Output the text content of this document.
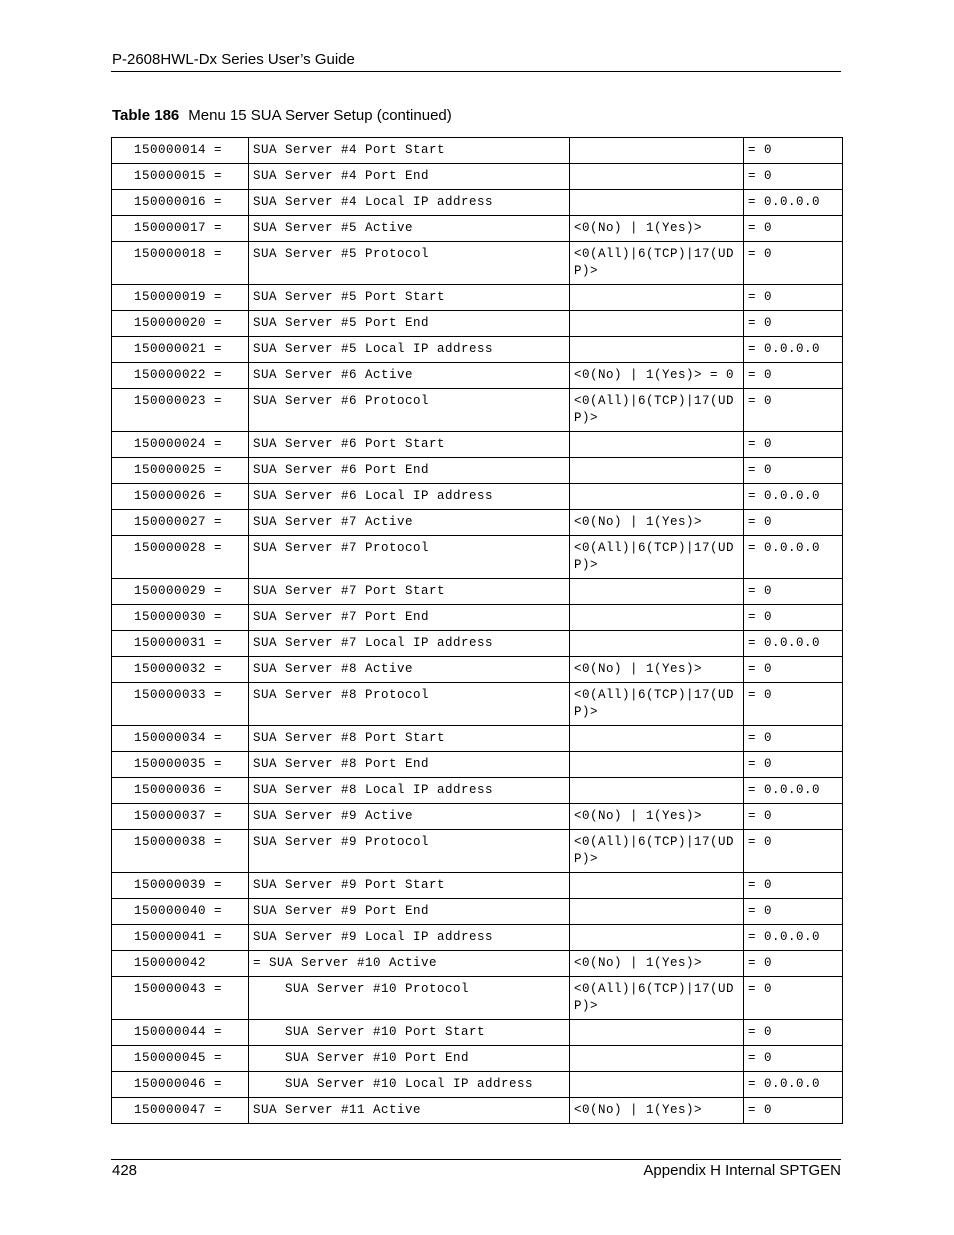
P-2608HWL-Dx Series User’s Guide
Table 186 Menu 15 SUA Server Setup (continued)
150000014 =	SUA Server #4 Port Start		= 0
150000015 =	SUA Server #4 Port End		= 0
150000016 =	SUA Server #4 Local IP address		= 0.0.0.0
150000017 =	SUA Server #5 Active	<0(No) | 1(Yes)>	= 0
150000018 =	SUA Server #5 Protocol	<0(All)|6(TCP)|17(UDP)>	= 0
150000019 =	SUA Server #5 Port Start		= 0
150000020 =	SUA Server #5 Port End		= 0
150000021 =	SUA Server #5 Local IP address		= 0.0.0.0
150000022 =	SUA Server #6 Active	<0(No) | 1(Yes)> = 0	= 0
150000023 =	SUA Server #6 Protocol	<0(All)|6(TCP)|17(UDP)>	= 0
150000024 =	SUA Server #6 Port Start		= 0
150000025 =	SUA Server #6 Port End		= 0
150000026 =	SUA Server #6 Local IP address		= 0.0.0.0
150000027 =	SUA Server #7 Active	<0(No) | 1(Yes)>	= 0
150000028 =	SUA Server #7 Protocol	<0(All)|6(TCP)|17(UDP)>	= 0.0.0.0
150000029 =	SUA Server #7 Port Start		= 0
150000030 =	SUA Server #7 Port End		= 0
150000031 =	SUA Server #7 Local IP address		= 0.0.0.0
150000032 =	SUA Server #8 Active	<0(No) | 1(Yes)>	= 0
150000033 =	SUA Server #8 Protocol	<0(All)|6(TCP)|17(UDP)>	= 0
150000034 =	SUA Server #8 Port Start		= 0
150000035 =	SUA Server #8 Port End		= 0
150000036 =	SUA Server #8 Local IP address		= 0.0.0.0
150000037 =	SUA Server #9 Active	<0(No) | 1(Yes)>	= 0
150000038 =	SUA Server #9 Protocol	<0(All)|6(TCP)|17(UDP)>	= 0
150000039 =	SUA Server #9 Port Start		= 0
150000040 =	SUA Server #9 Port End		= 0
150000041 =	SUA Server #9 Local IP address		= 0.0.0.0
150000042	= SUA Server #10 Active	<0(No) | 1(Yes)>	= 0
150000043 =	SUA Server #10 Protocol	<0(All)|6(TCP)|17(UDP)>	= 0
150000044 =	SUA Server #10 Port Start		= 0
150000045 =	SUA Server #10 Port End		= 0
150000046 =	SUA Server #10 Local IP address		= 0.0.0.0
150000047 =	SUA Server #11 Active	<0(No) | 1(Yes)>	= 0
428	Appendix H Internal SPTGEN
